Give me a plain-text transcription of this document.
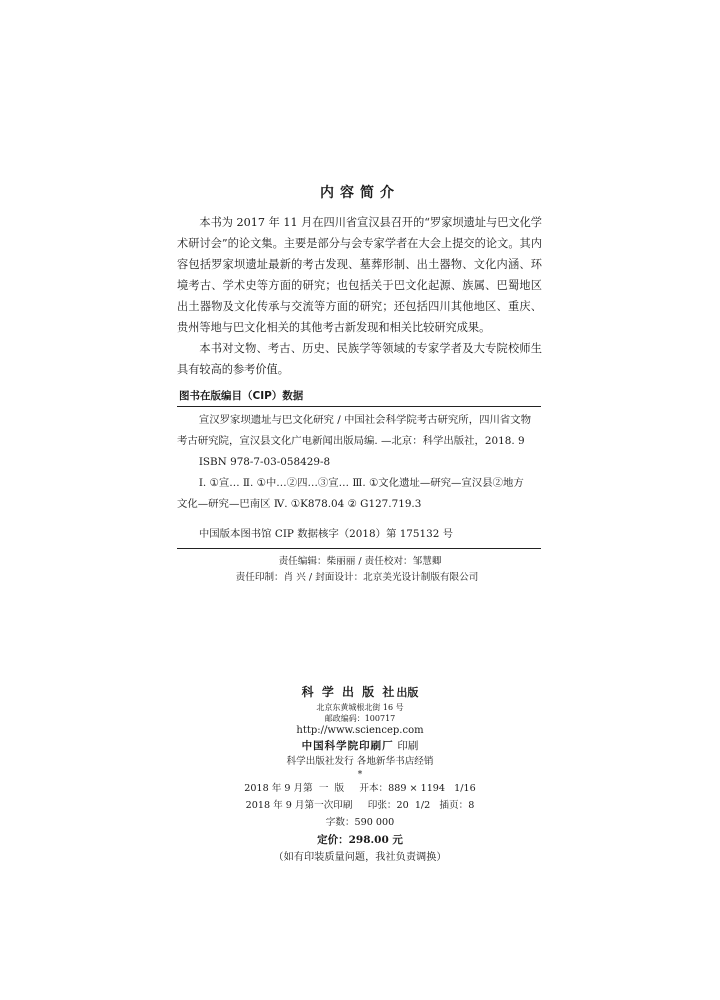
内容简介

本书为 2017 年 11 月在四川省宣汉县召开的“罗家坝遗址与巴文化学术研讨会”的论文集。主要是部分与会专家学者在大会上提交的论文。其内容包括罗家坝遗址最新的考古发现、墓葬形制、出土器物、文化内涵、环境考古、学术史等方面的研究；也包括关于巴文化起源、族属、巴蜀地区出土器物及文化传承与交流等方面的研究；还包括四川其他地区、重庆、贵州等地与巴文化相关的其他考古新发现和相关比较研究成果。

本书对文物、考古、历史、民族学等领域的专家学者及大专院校师生具有较高的参考价值。

图书在版编目（CIP）数据
宣汉罗家坝遗址与巴文化研究 / 中国社会科学院考古研究所，四川省文物
考古研究院，宣汉县文化广电新闻出版局编. —北京：科学出版社，2018. 9
ISBN 978-7-03-058429-8
Ⅰ. ①宣… Ⅱ. ①中…②四…③宣… Ⅲ. ①文化遗址—研究—宣汉县②地方
文化—研究—巴南区 Ⅳ. ①K878.04 ② G127.719.3
中国版本图书馆 CIP 数据核字（2018）第 175132 号
责任编辑：柴丽丽 / 责任校对：邹慧卿
责任印制：肖 兴 / 封面设计：北京美光设计制版有限公司
科 学 出 版 社出版
北京东黄城根北街 16 号
邮政编码：100717
http://www.sciencep.com
中国科学院印刷厂 印刷
科学出版社发行 各地新华书店经销
*
2018 年 9 月第  一  版     开本：889 × 1194   1/16
2018 年 9 月第一次印刷     印张：20  1/2   插页：8
字数：590 000
定价：298.00 元
（如有印装质量问题，我社负责调换）
